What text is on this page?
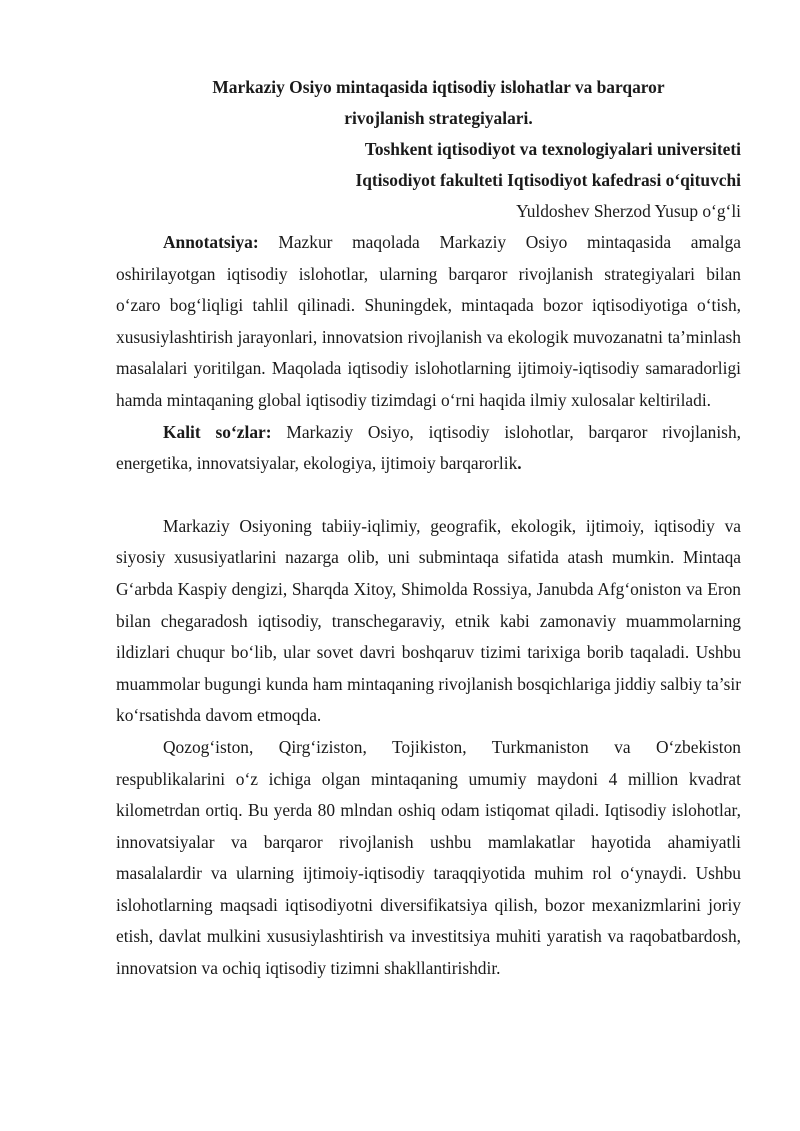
Markaziy Osiyo mintaqasida iqtisodiy islohatlar va barqaror rivojlanish strategiyalari.
Toshkent iqtisodiyot va texnologiyalari universiteti
Iqtisodiyot fakulteti Iqtisodiyot kafedrasi o‘qituvchi
Yuldoshev Sherzod Yusup o‘g‘li

Annotatsiya: Mazkur maqolada Markaziy Osiyo mintaqasida amalga oshirilayotgan iqtisodiy islohotlar, ularning barqaror rivojlanish strategiyalari bilan o‘zaro bog‘liqligi tahlil qilinadi. Shuningdek, mintaqada bozor iqtisodiyotiga o‘tish, xususiylashtirish jarayonlari, innovatsion rivojlanish va ekologik muvozanatni ta’minlash masalalari yoritilgan. Maqolada iqtisodiy islohotlarning ijtimoiy-iqtisodiy samaradorligi hamda mintaqaning global iqtisodiy tizimdagi o‘rni haqida ilmiy xulosalar keltiriladi.

Kalit so‘zlar: Markaziy Osiyo, iqtisodiy islohotlar, barqaror rivojlanish, energetika, innovatsiyalar, ekologiya, ijtimoiy barqarorlik.

Markaziy Osiyoning tabiiy-iqlimiy, geografik, ekologik, ijtimoiy, iqtisodiy va siyosiy xususiyatlarini nazarga olib, uni submintaqa sifatida atash mumkin. Mintaqa G‘arbda Kaspiy dengizi, Sharqda Xitoy, Shimolda Rossiya, Janubda Afg‘oniston va Eron bilan chegaradosh iqtisodiy, transchegaraviy, etnik kabi zamonaviy muammolarning ildizlari chuqur bo‘lib, ular sovet davri boshqaruv tizimi tarixiga borib taqaladi. Ushbu muammolar bugungi kunda ham mintaqaning rivojlanish bosqichlariga jiddiy salbiy ta’sir ko‘rsatishda davom etmoqda.

Qozog‘iston, Qirg‘iziston, Tojikiston, Turkmaniston va O‘zbekiston respublikalarini o‘z ichiga olgan mintaqaning umumiy maydoni 4 million kvadrat kilometrdan ortiq. Bu yerda 80 mlndan oshiq odam istiqomat qiladi. Iqtisodiy islohotlar, innovatsiyalar va barqaror rivojlanish ushbu mamlakatlar hayotida ahamiyatli masalalardir va ularning ijtimoiy-iqtisodiy taraqqiyotida muhim rol o‘ynaydi. Ushbu islohotlarning maqsadi iqtisodiyotni diversifikatsiya qilish, bozor mexanizmlarini joriy etish, davlat mulkini xususiylashtirish va investitsiya muhiti yaratish va raqobatbardosh, innovatsion va ochiq iqtisodiy tizimni shakllantirishdir.
